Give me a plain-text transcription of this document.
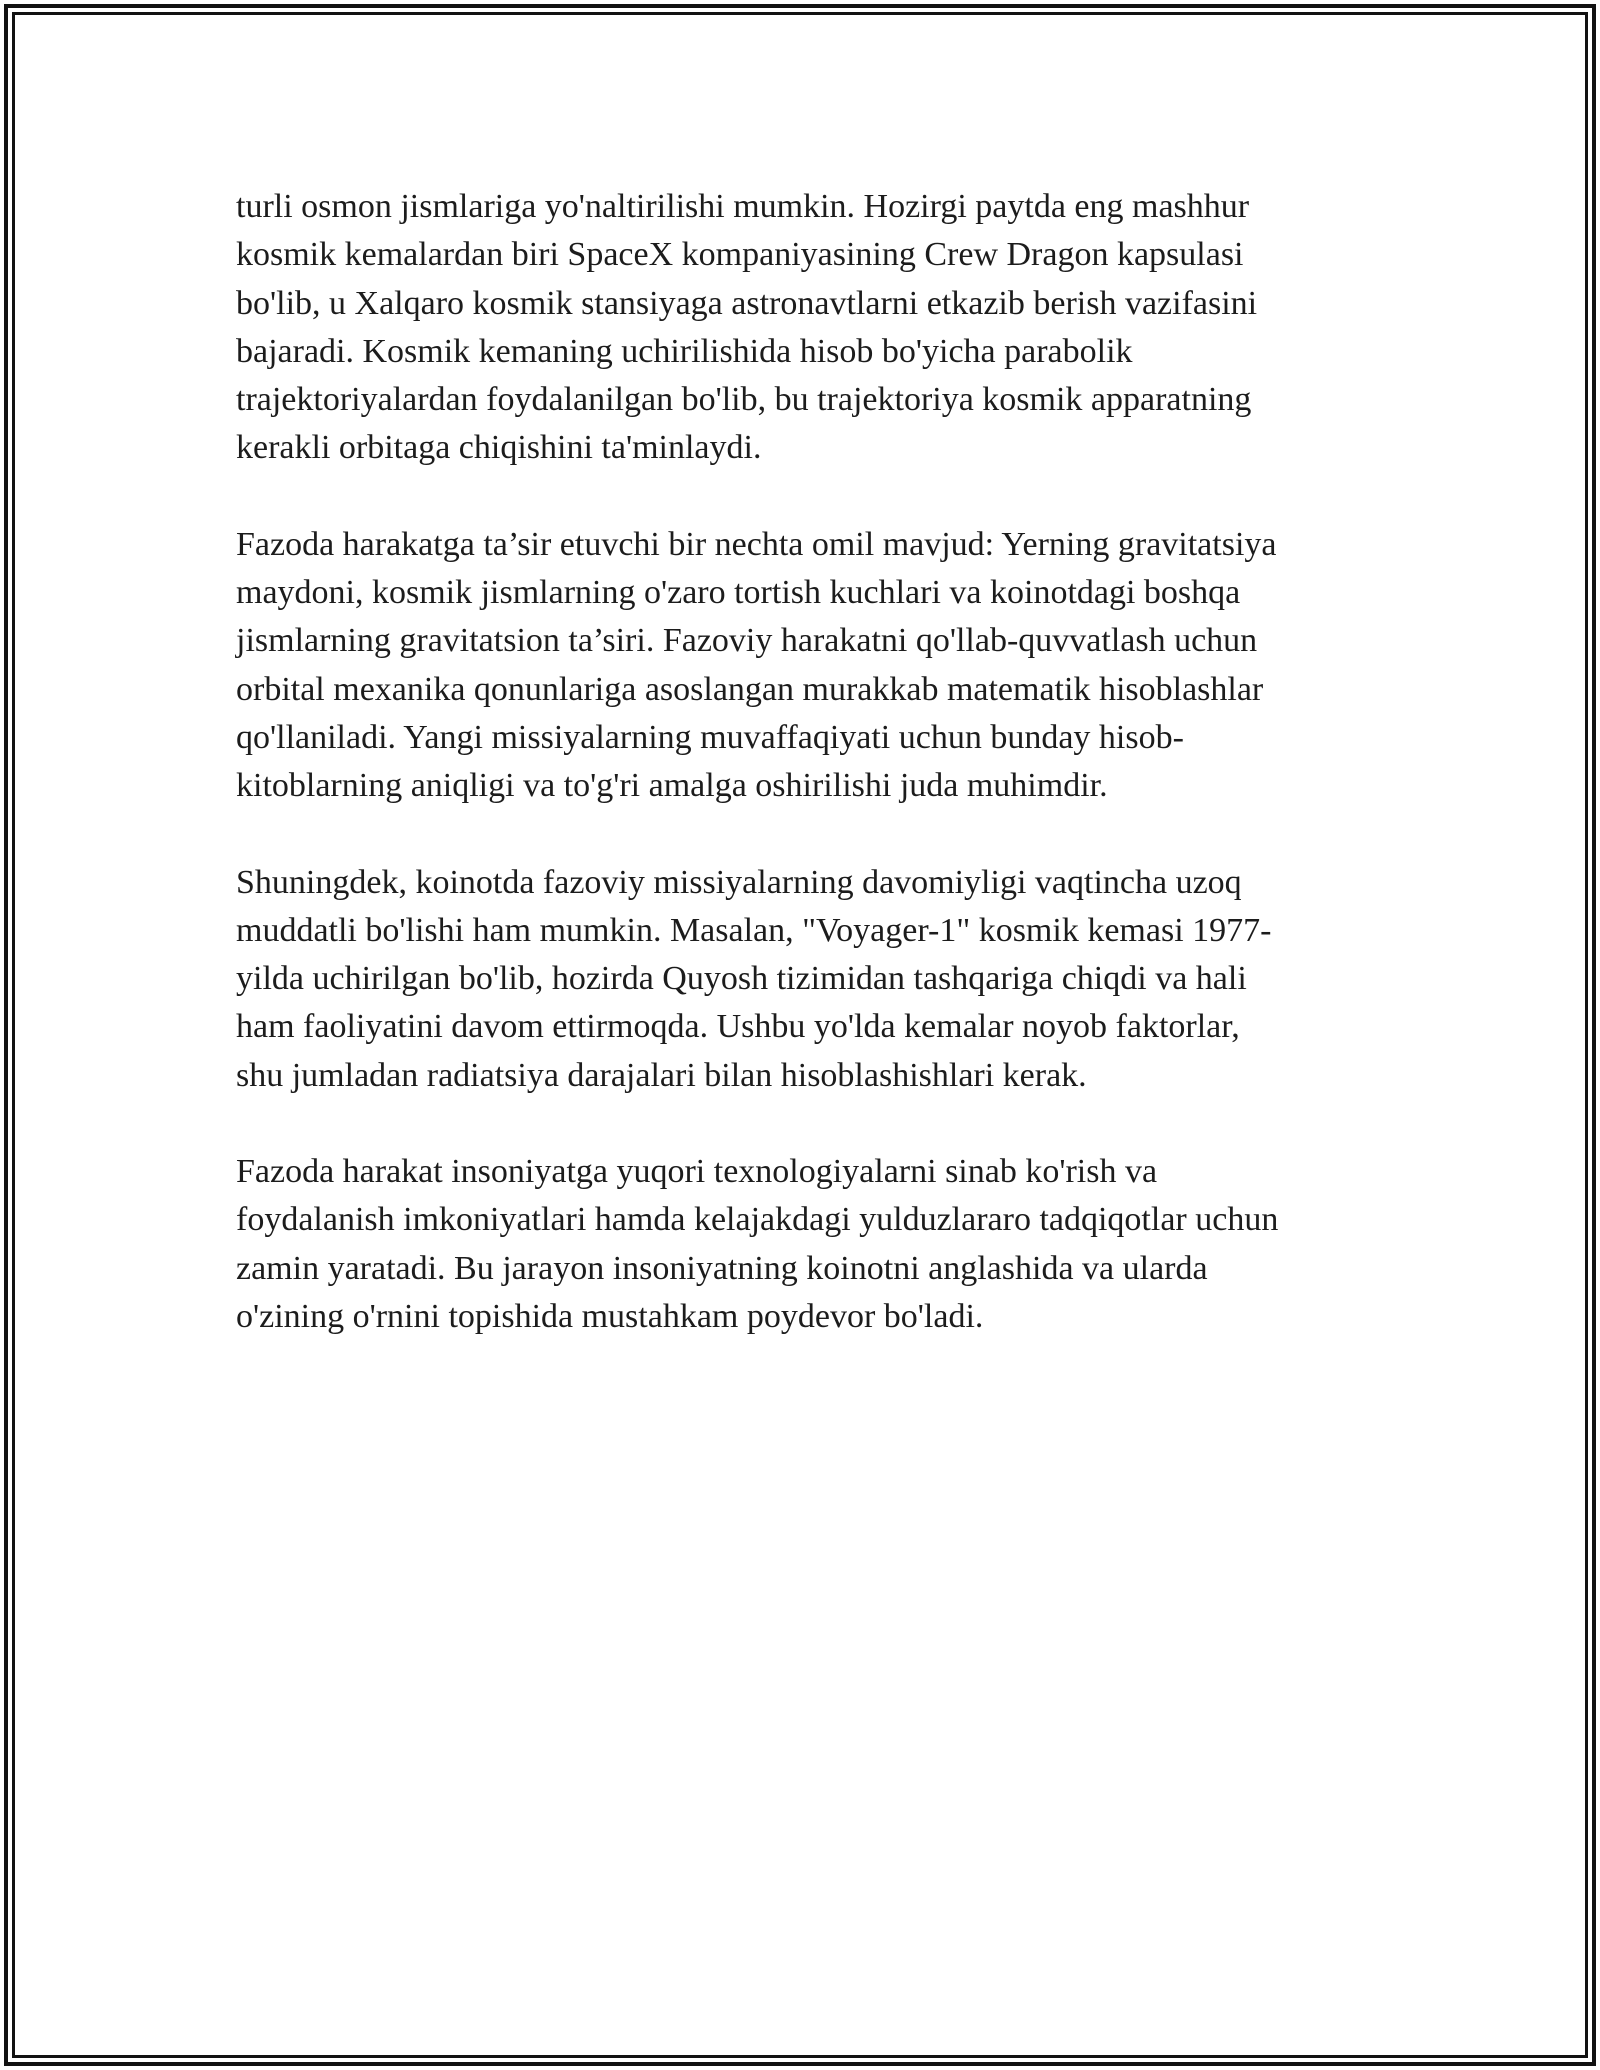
turli osmon jismlariga yo'naltirilishi mumkin. Hozirgi paytda eng mashhur
kosmik kemalardan biri SpaceX kompaniyasining Crew Dragon kapsulasi
bo'lib, u Xalqaro kosmik stansiyaga astronavtlarni etkazib berish vazifasini
bajaradi. Kosmik kemaning uchirilishida hisob bo'yicha parabolik
trajektoriyalardan foydalanilgan bo'lib, bu trajektoriya kosmik apparatning
kerakli orbitaga chiqishini ta'minlaydi.

Fazoda harakatga ta’sir etuvchi bir nechta omil mavjud: Yerning gravitatsiya
maydoni, kosmik jismlarning o'zaro tortish kuchlari va koinotdagi boshqa
jismlarning gravitatsion ta’siri. Fazoviy harakatni qo'llab-quvvatlash uchun
orbital mexanika qonunlariga asoslangan murakkab matematik hisoblashlar
qo'llaniladi. Yangi missiyalarning muvaffaqiyati uchun bunday hisob-
kitoblarning aniqligi va to'g'ri amalga oshirilishi juda muhimdir.

Shuningdek, koinotda fazoviy missiyalarning davomiyligi vaqtincha uzoq
muddatli bo'lishi ham mumkin. Masalan, "Voyager-1" kosmik kemasi 1977-
yilda uchirilgan bo'lib, hozirda Quyosh tizimidan tashqariga chiqdi va hali
ham faoliyatini davom ettirmoqda. Ushbu yo'lda kemalar noyob faktorlar,
shu jumladan radiatsiya darajalari bilan hisoblashishlari kerak.

Fazoda harakat insoniyatga yuqori texnologiyalarni sinab ko'rish va
foydalanish imkoniyatlari hamda kelajakdagi yulduzlararo tadqiqotlar uchun
zamin yaratadi. Bu jarayon insoniyatning koinotni anglashida va ularda
o'zining o'rnini topishida mustahkam poydevor bo'ladi.
